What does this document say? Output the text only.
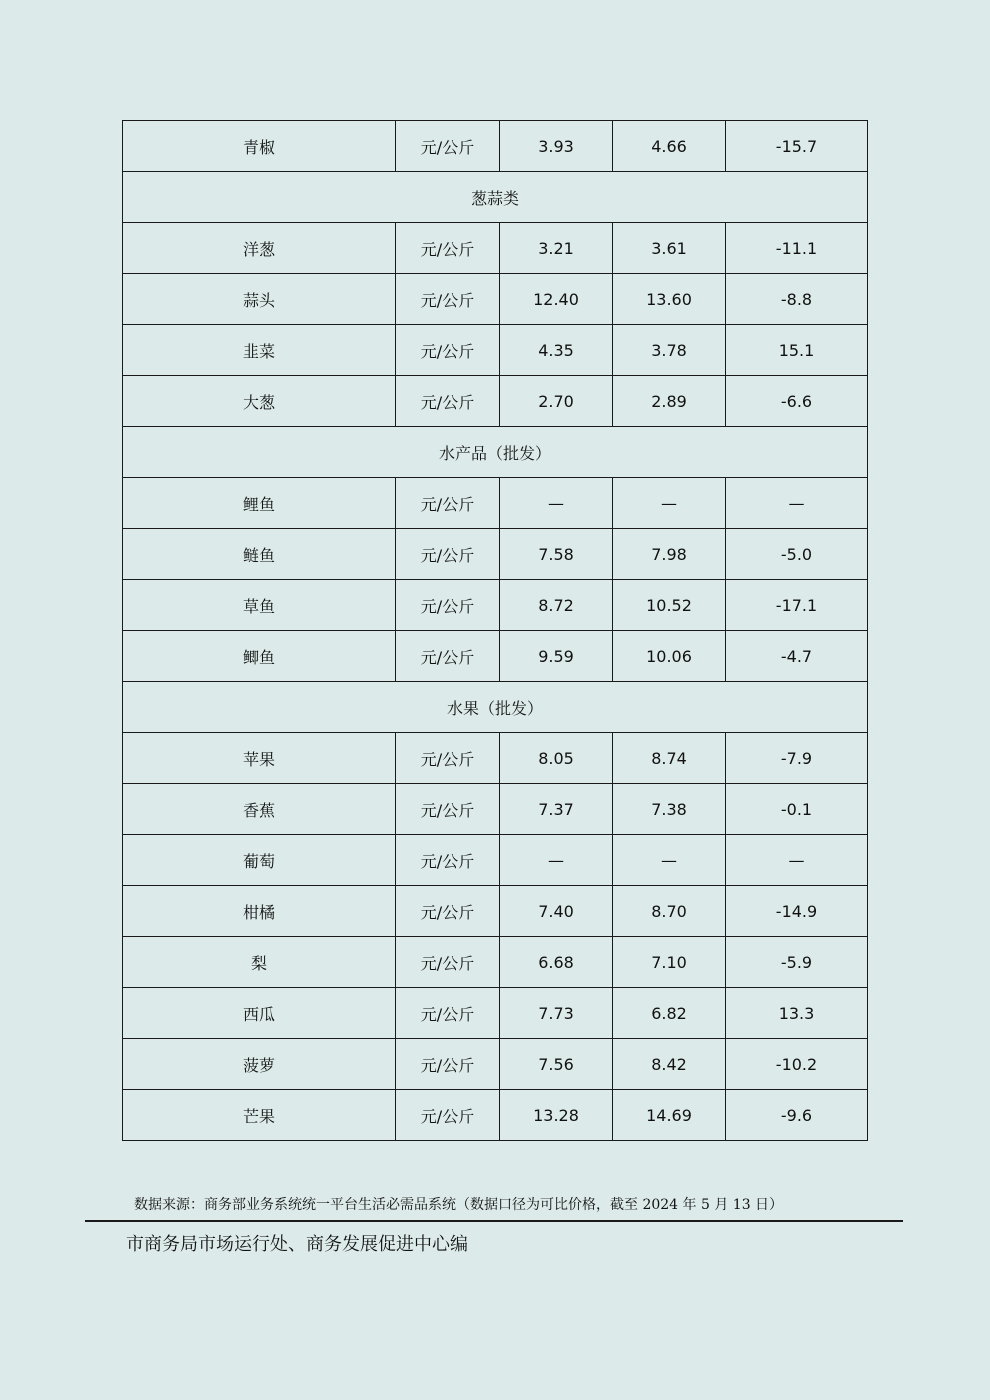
青椒	元/公斤	3.93	4.66	-15.7
葱蒜类				
洋葱	元/公斤	3.21	3.61	-11.1
蒜头	元/公斤	12.40	13.60	-8.8
韭菜	元/公斤	4.35	3.78	15.1
大葱	元/公斤	2.70	2.89	-6.6
水产品（批发）				
鲤鱼	元/公斤	—	—	—
鲢鱼	元/公斤	7.58	7.98	-5.0
草鱼	元/公斤	8.72	10.52	-17.1
鲫鱼	元/公斤	9.59	10.06	-4.7
水果（批发）				
苹果	元/公斤	8.05	8.74	-7.9
香蕉	元/公斤	7.37	7.38	-0.1
葡萄	元/公斤	—	—	—
柑橘	元/公斤	7.40	8.70	-14.9
梨	元/公斤	6.68	7.10	-5.9
西瓜	元/公斤	7.73	6.82	13.3
菠萝	元/公斤	7.56	8.42	-10.2
芒果	元/公斤	13.28	14.69	-9.6
数据来源：商务部业务系统统一平台生活必需品系统（数据口径为可比价格，截至 2024 年 5 月 13 日）
市商务局市场运行处、商务发展促进中心编
